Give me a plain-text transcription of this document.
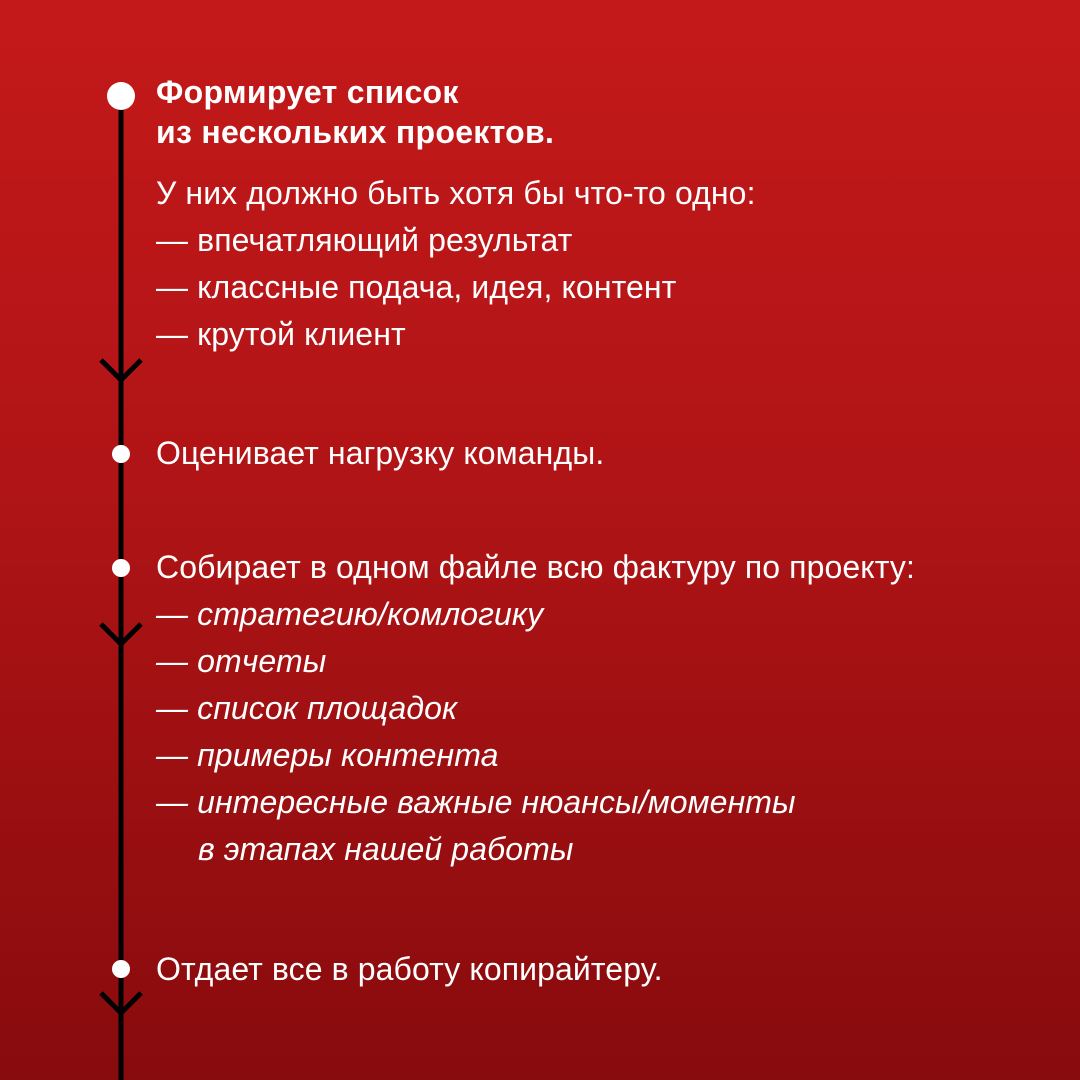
Формирует список
из нескольких проектов.
У них должно быть хотя бы что-то одно:
— впечатляющий результат
— классные подача, идея, контент
— крутой клиент
Оценивает нагрузку команды.
Собирает в одном файле всю фактуру по проекту:
— стратегию/комлогику
— отчеты
— список площадок
— примеры контента
— интересные важные нюансы/моменты
в этапах нашей работы
Отдает все в работу копирайтеру.
